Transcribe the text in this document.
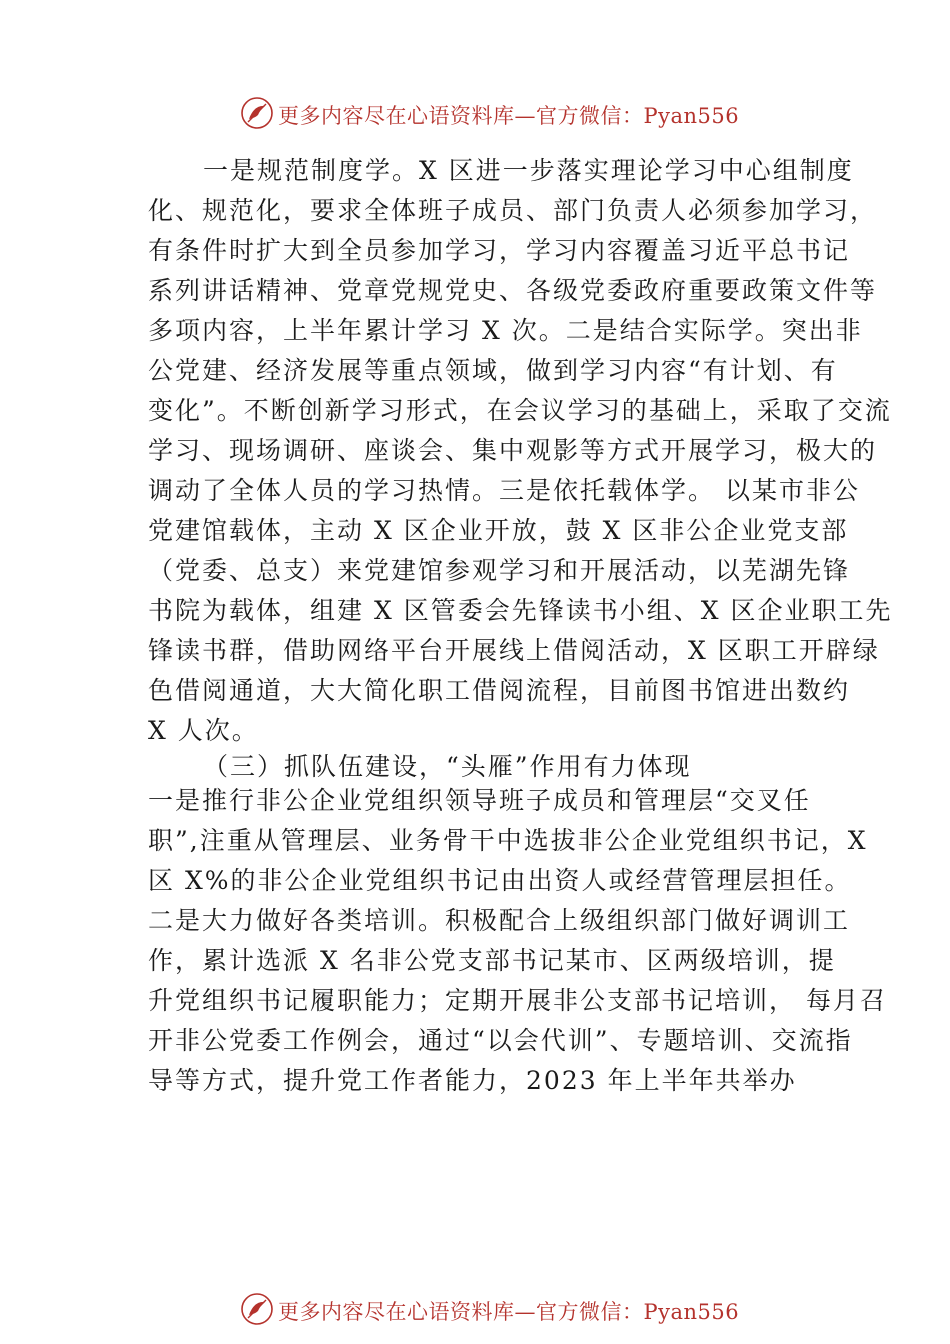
更多内容尽在心语资料库—官方微信：Pyan556
一是规范制度学。X 区进一步落实理论学习中心组制度
化、规范化，要求全体班子成员、部门负责人必须参加学习，
有条件时扩大到全员参加学习，学习内容覆盖习近平总书记
系列讲话精神、党章党规党史、各级党委政府重要政策文件等
多项内容，上半年累计学习 X 次。二是结合实际学。突出非
公党建、经济发展等重点领域，做到学习内容“有计划、有
变化”。不断创新学习形式，在会议学习的基础上，采取了交流
学习、现场调研、座谈会、集中观影等方式开展学习，极大的
调动了全体人员的学习热情。三是依托载体学。 以某市非公
党建馆载体，主动 X 区企业开放，鼓 X 区非公企业党支部
（党委、总支）来党建馆参观学习和开展活动，以芜湖先锋
书院为载体，组建 X 区管委会先锋读书小组、X 区企业职工先
锋读书群，借助网络平台开展线上借阅活动，X 区职工开辟绿
色借阅通道，大大简化职工借阅流程，目前图书馆进出数约
X 人次。
（三）抓队伍建设，“头雁”作用有力体现
一是推行非公企业党组织领导班子成员和管理层“交叉任
职”,注重从管理层、业务骨干中选拔非公企业党组织书记，X
区 X%的非公企业党组织书记由出资人或经营管理层担任。
二是大力做好各类培训。积极配合上级组织部门做好调训工
作，累计选派 X 名非公党支部书记某市、区两级培训，提
升党组织书记履职能力；定期开展非公支部书记培训， 每月召
开非公党委工作例会，通过“以会代训”、专题培训、交流指
导等方式，提升党工作者能力，2023 年上半年共举办
更多内容尽在心语资料库—官方微信：Pyan556
